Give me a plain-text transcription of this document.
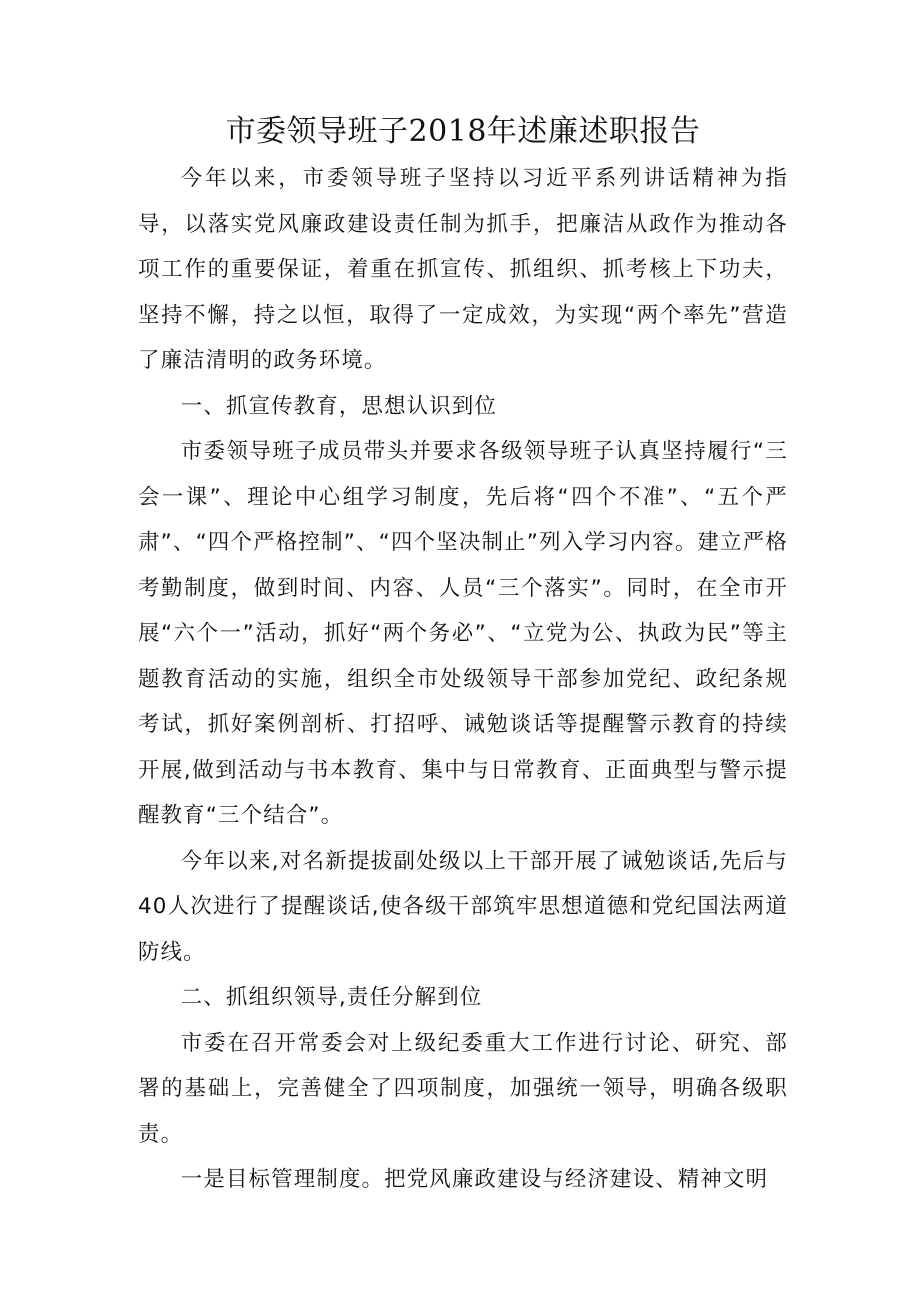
市委领导班子2018年述廉述职报告

今年以来，市委领导班子坚持以习近平系列讲话精神为指导，以落实党风廉政建设责任制为抓手，把廉洁从政作为推动各项工作的重要保证，着重在抓宣传、抓组织、抓考核上下功夫，坚持不懈，持之以恒，取得了一定成效，为实现“两个率先”营造了廉洁清明的政务环境。

一、抓宣传教育，思想认识到位

市委领导班子成员带头并要求各级领导班子认真坚持履行“三会一课”、理论中心组学习制度，先后将“四个不准”、“五个严肃”、“四个严格控制”、“四个坚决制止”列入学习内容。建立严格考勤制度，做到时间、内容、人员“三个落实”。同时，在全市开展“六个一”活动，抓好“两个务必”、“立党为公、执政为民”等主题教育活动的实施，组织全市处级领导干部参加党纪、政纪条规考试，抓好案例剖析、打招呼、诫勉谈话等提醒警示教育的持续开展,做到活动与书本教育、集中与日常教育、正面典型与警示提醒教育“三个结合”。

今年以来,对名新提拔副处级以上干部开展了诫勉谈话,先后与40人次进行了提醒谈话,使各级干部筑牢思想道德和党纪国法两道防线。

二、抓组织领导,责任分解到位

市委在召开常委会对上级纪委重大工作进行讨论、研究、部署的基础上，完善健全了四项制度，加强统一领导，明确各级职责。

一是目标管理制度。把党风廉政建设与经济建设、精神文明
